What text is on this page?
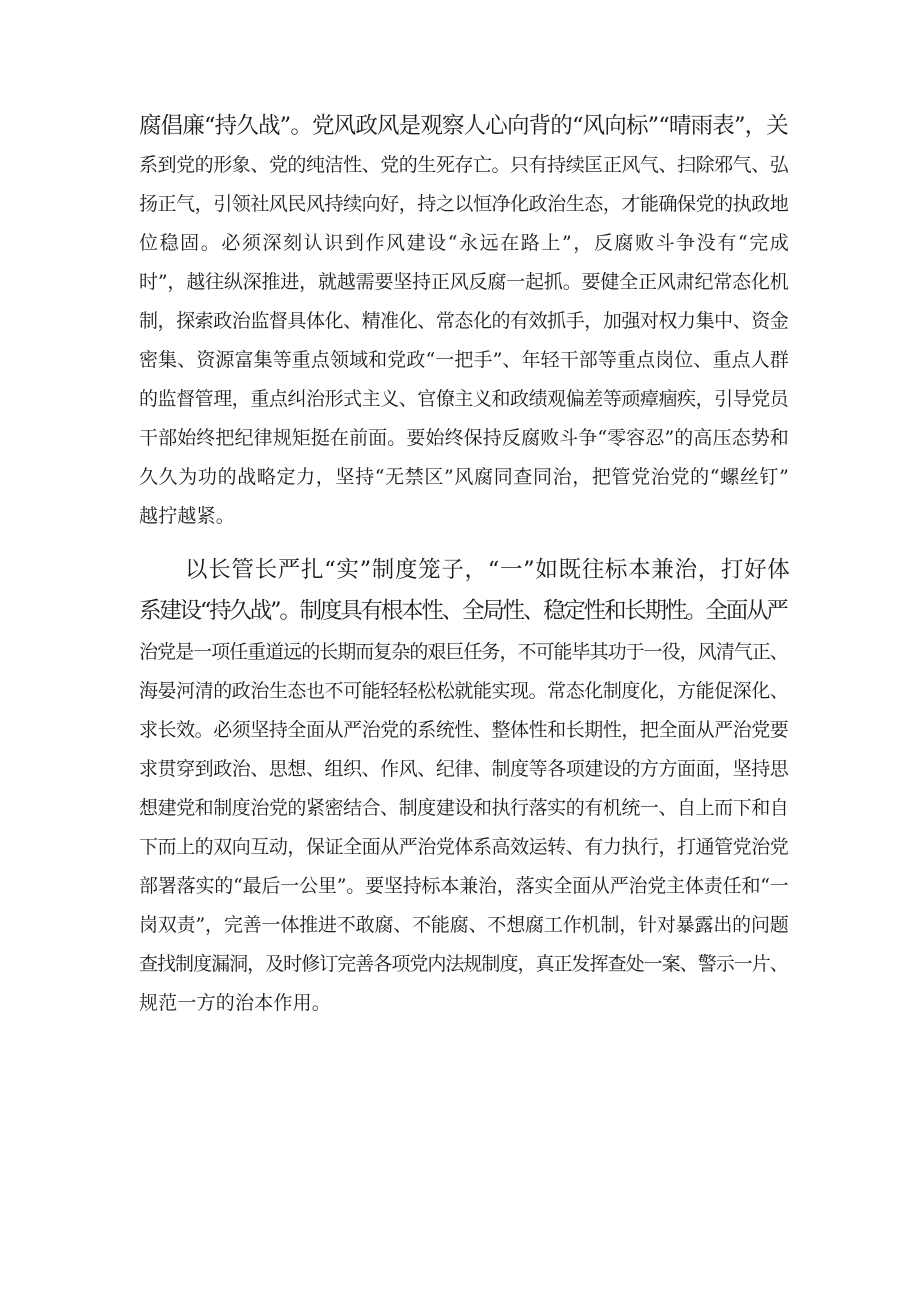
腐倡廉“持久战”。党风政风是观察人心向背的“风向标”“晴雨表”，关
系到党的形象、党的纯洁性、党的生死存亡。只有持续匡正风气、扫除邪气、弘
扬正气，引领社风民风持续向好，持之以恒净化政治生态，才能确保党的执政地
位稳固。必须深刻认识到作风建设“永远在路上”，反腐败斗争没有“完成
时”，越往纵深推进，就越需要坚持正风反腐一起抓。要健全正风肃纪常态化机
制，探索政治监督具体化、精准化、常态化的有效抓手，加强对权力集中、资金
密集、资源富集等重点领域和党政“一把手”、年轻干部等重点岗位、重点人群
的监督管理，重点纠治形式主义、官僚主义和政绩观偏差等顽瘴痼疾，引导党员
干部始终把纪律规矩挺在前面。要始终保持反腐败斗争“零容忍”的高压态势和
久久为功的战略定力，坚持“无禁区”风腐同查同治，把管党治党的“螺丝钉”
越拧越紧。
以长管长严扎“实”制度笼子，“一”如既往标本兼治，打好体
系建设“持久战”。制度具有根本性、全局性、稳定性和长期性。全面从严
治党是一项任重道远的长期而复杂的艰巨任务，不可能毕其功于一役，风清气正、
海晏河清的政治生态也不可能轻轻松松就能实现。常态化制度化，方能促深化、
求长效。必须坚持全面从严治党的系统性、整体性和长期性，把全面从严治党要
求贯穿到政治、思想、组织、作风、纪律、制度等各项建设的方方面面，坚持思
想建党和制度治党的紧密结合、制度建设和执行落实的有机统一、自上而下和自
下而上的双向互动，保证全面从严治党体系高效运转、有力执行，打通管党治党
部署落实的“最后一公里”。要坚持标本兼治，落实全面从严治党主体责任和“一
岗双责”，完善一体推进不敢腐、不能腐、不想腐工作机制，针对暴露出的问题
查找制度漏洞，及时修订完善各项党内法规制度，真正发挥查处一案、警示一片、
规范一方的治本作用。
